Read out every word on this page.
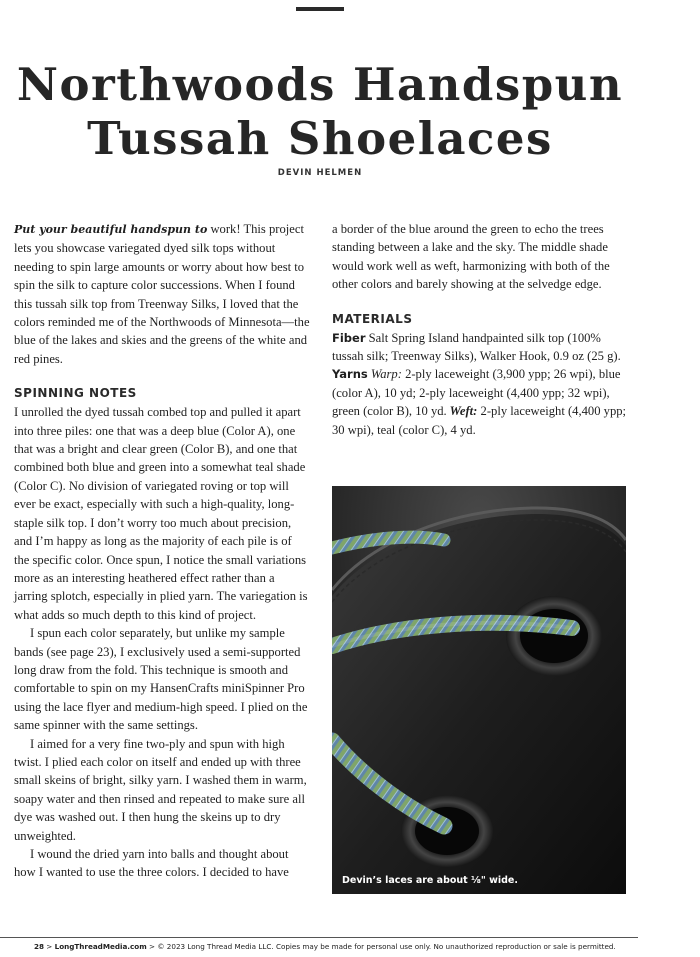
Northwoods Handspun
Tussah Shoelaces
DEVIN HELMEN

Put your beautiful handspun to work! This project lets you showcase variegated dyed silk tops without needing to spin large amounts or worry about how best to spin the silk to capture color successions. When I found this tussah silk top from Treenway Silks, I loved that the colors reminded me of the Northwoods of Minnesota—the blue of the lakes and skies and the greens of the white and red pines.

SPINNING NOTES

I unrolled the dyed tussah combed top and pulled it apart into three piles: one that was a deep blue (Color A), one that was a bright and clear green (Color B), and one that combined both blue and green into a somewhat teal shade (Color C). No division of variegated roving or top will ever be exact, especially with such a high-quality, long-staple silk top. I don’t worry too much about precision, and I’m happy as long as the majority of each pile is of the specific color. Once spun, I notice the small variations more as an interesting heathered effect rather than a jarring splotch, especially in plied yarn. The variegation is what adds so much depth to this kind of project.

I spun each color separately, but unlike my sample bands (see page 23), I exclusively used a semi-supported long draw from the fold. This technique is smooth and comfortable to spin on my HansenCrafts miniSpinner Pro using the lace flyer and medium-high speed. I plied on the same spinner with the same settings.

I aimed for a very fine two-ply and spun with high twist. I plied each color on itself and ended up with three small skeins of bright, silky yarn. I washed them in warm, soapy water and then rinsed and repeated to make sure all dye was washed out. I then hung the skeins up to dry unweighted.

I wound the dried yarn into balls and thought about how I wanted to use the three colors. I decided to have

a border of the blue around the green to echo the trees standing between a lake and the sky. The middle shade would work well as weft, harmonizing with both of the other colors and barely showing at the selvedge edge.

MATERIALS

Fiber Salt Spring Island handpainted silk top (100% tussah silk; Treenway Silks), Walker Hook, 0.9 oz (25 g).

Yarns Warp: 2-ply laceweight (3,900 ypp; 26 wpi), blue (color A), 10 yd; 2-ply laceweight (4,400 ypp; 32 wpi), green (color B), 10 yd. Weft: 2-ply laceweight (4,400 ypp; 30 wpi), teal (color C), 4 yd.

Devin’s laces are about ⅛" wide.
28 > LongThreadMedia.com > © 2023 Long Thread Media LLC. Copies may be made for personal use only. No unauthorized reproduction or sale is permitted.
